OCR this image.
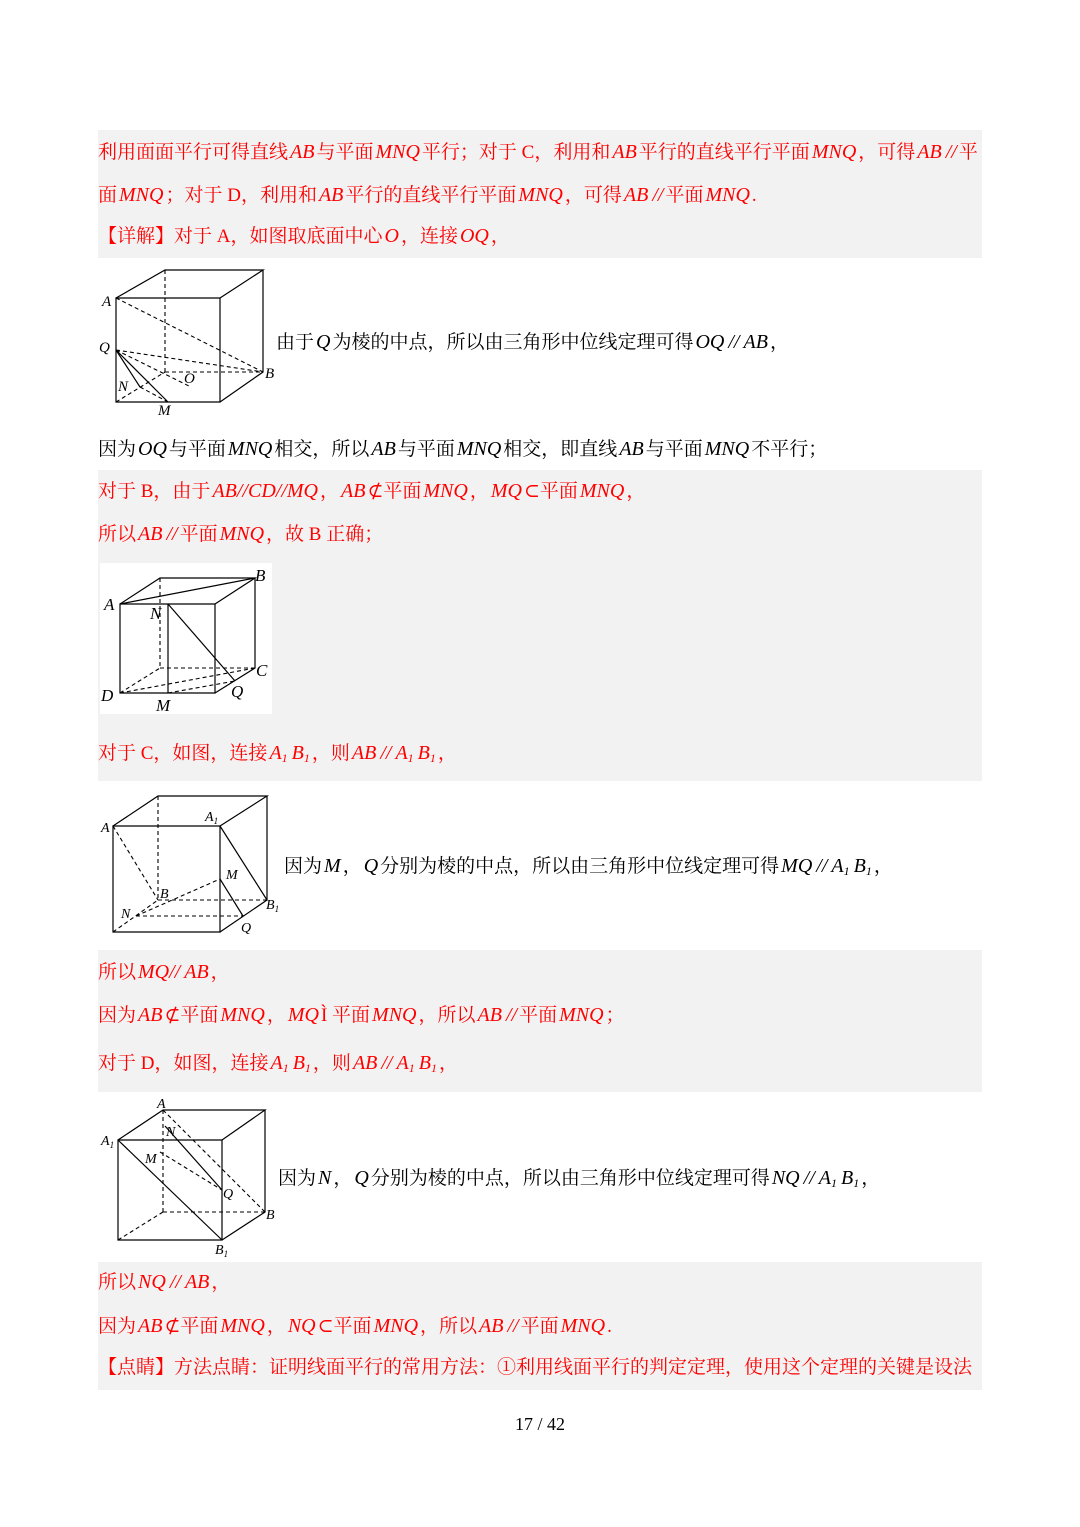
利用面面平行可得直线 AB 与平面 MNQ 平行；对于 C，利用和 AB 平行的直线平行平面 MNQ ，可得 AB // 平
面 MNQ ；对于 D，利用和 AB 平行的直线平行平面 MNQ ，可得 AB // 平面 MNQ .
【详解】对于 A，如图取底面中心 O ，连接 OQ ，
A
Q
N	O	B
M
由于 Q 为棱的中点，所以由三角形中位线定理可得 OQ // AB ，
因为 OQ 与平面 MNQ 相交，所以 AB 与平面 MNQ 相交，即直线 AB 与平面 MNQ 不平行；
对于 B，由于 AB//CD//MQ ， AB ⊄平面 MNQ ， MQ ⊂平面 MNQ ，
所以 AB // 平面 MNQ ，故 B 正确；
B
A N
C
D	Q
M
对于 C，如图，连接 $A_1$ $B_1$ ，则 AB // $A_1$ $B_1$ ，
A
$A_1$
B
M
N
$B_1$
Q
因为 M ， Q 分别为棱的中点，所以由三角形中位线定理可得 MQ // $A_1$ $B_1$ ，
所以 MQ// AB ，
因为 AB ⊄平面 MNQ ， MQ Ì 平面 MNQ ，所以 AB // 平面 MNQ ；
对于 D，如图，连接 $A_1$ $B_1$ ，则 AB // $A_1$ $B_1$ ，
A
$A_1$
N
M
Q
B
$B_1$
因为 N ， Q 分别为棱的中点，所以由三角形中位线定理可得 NQ // $A_1$ $B_1$ ，
所以 NQ // AB ，
因为 AB ⊄平面 MNQ ， NQ ⊂平面 MNQ ，所以 AB // 平面 MNQ .
【点睛】方法点睛：证明线面平行的常用方法：①利用线面平行的判定定理，使用这个定理的关键是设法
17 / 42
